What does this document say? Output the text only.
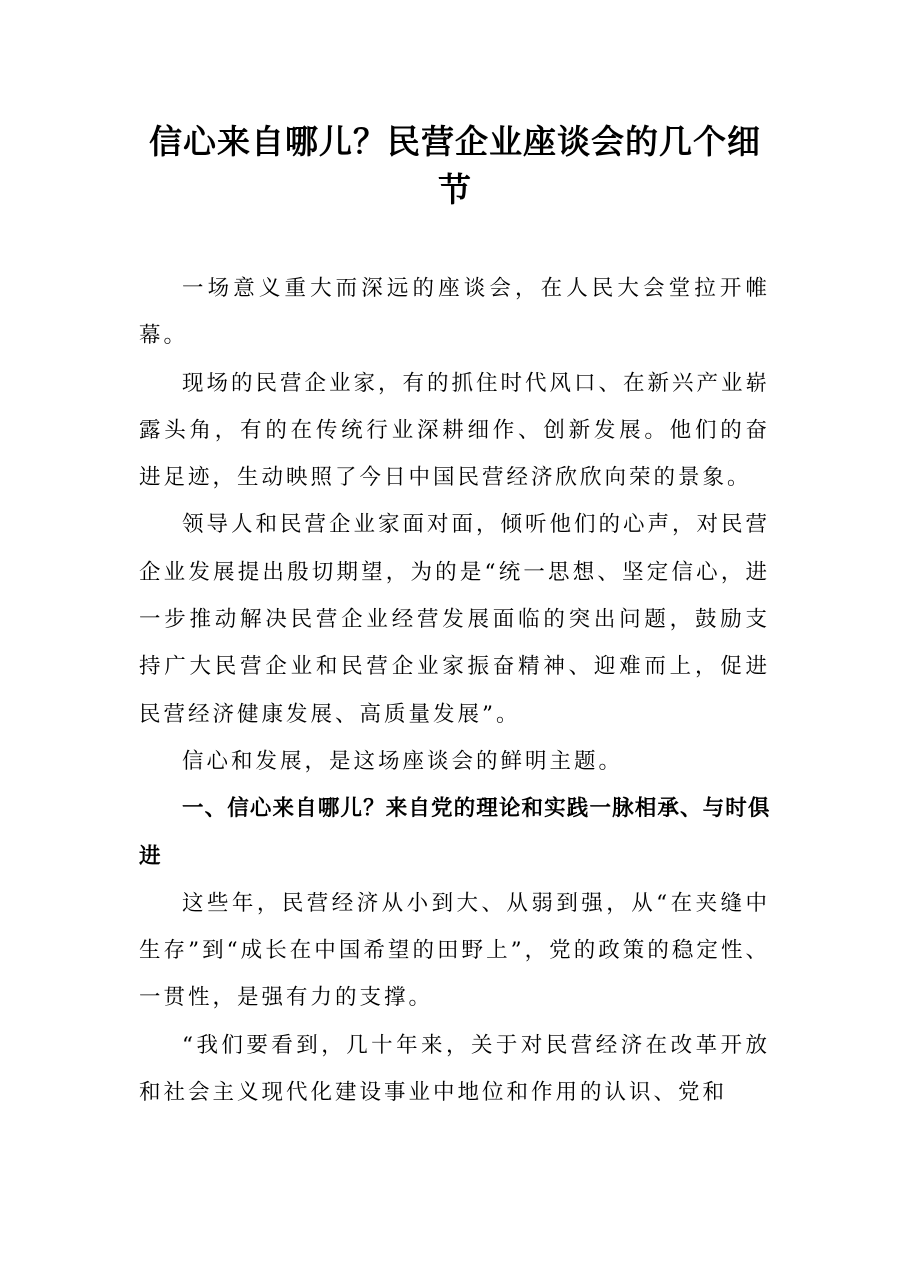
信心来自哪儿？民营企业座谈会的几个细节

一场意义重大而深远的座谈会，在人民大会堂拉开帷幕。

现场的民营企业家，有的抓住时代风口、在新兴产业崭露头角，有的在传统行业深耕细作、创新发展。他们的奋进足迹，生动映照了今日中国民营经济欣欣向荣的景象。

领导人和民营企业家面对面，倾听他们的心声，对民营企业发展提出殷切期望，为的是“统一思想、坚定信心，进一步推动解决民营企业经营发展面临的突出问题，鼓励支持广大民营企业和民营企业家振奋精神、迎难而上，促进民营经济健康发展、高质量发展”。

信心和发展，是这场座谈会的鲜明主题。

一、信心来自哪儿？来自党的理论和实践一脉相承、与时俱进

这些年，民营经济从小到大、从弱到强，从“在夹缝中生存”到“成长在中国希望的田野上”，党的政策的稳定性、一贯性，是强有力的支撑。

“我们要看到，几十年来，关于对民营经济在改革开放和社会主义现代化建设事业中地位和作用的认识、党和
